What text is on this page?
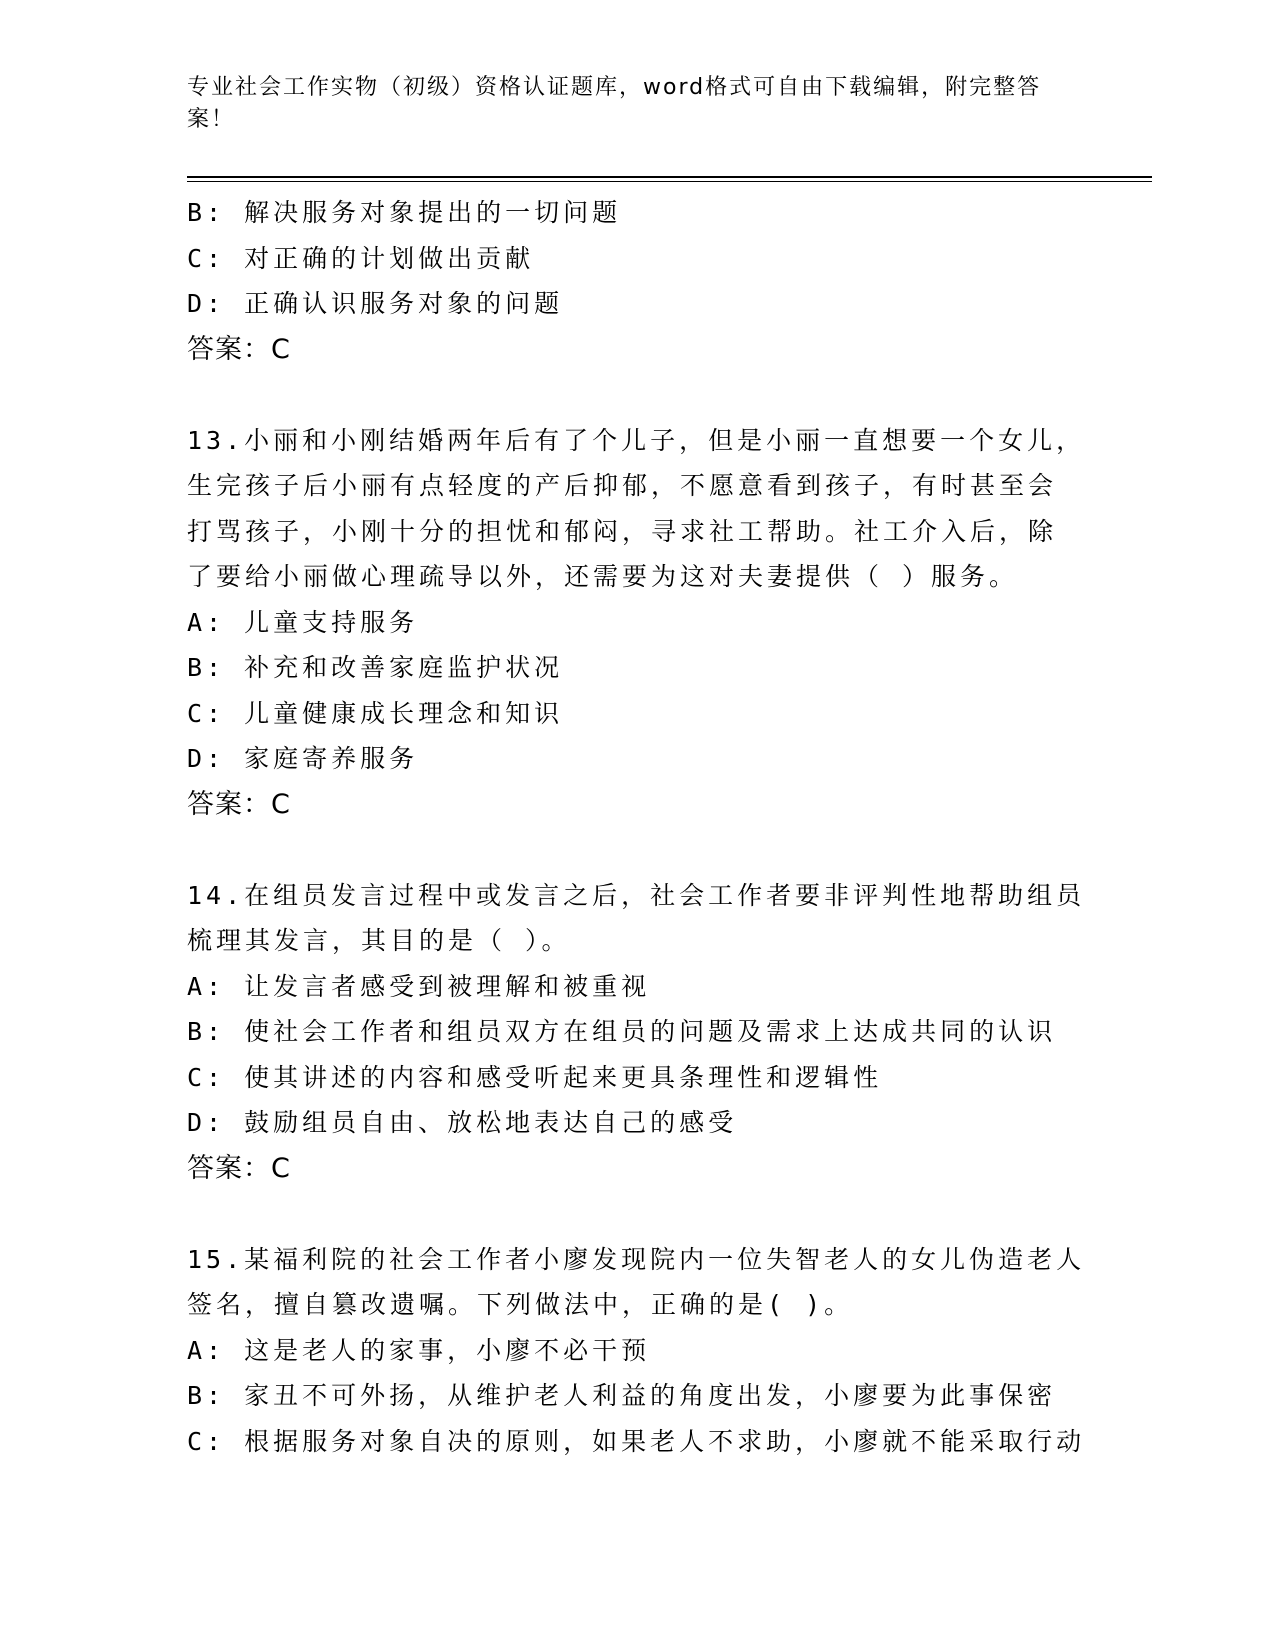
专业社会工作实物（初级）资格认证题库，word格式可自由下载编辑，附完整答
案！
B: 解决服务对象提出的一切问题
C: 对正确的计划做出贡献
D: 正确认识服务对象的问题
答案：C
13.小丽和小刚结婚两年后有了个儿子，但是小丽一直想要一个女儿，
生完孩子后小丽有点轻度的产后抑郁，不愿意看到孩子，有时甚至会
打骂孩子，小刚十分的担忧和郁闷，寻求社工帮助。社工介入后，除
了要给小丽做心理疏导以外，还需要为这对夫妻提供（ ）服务。
A: 儿童支持服务
B: 补充和改善家庭监护状况
C: 儿童健康成长理念和知识
D: 家庭寄养服务
答案：C
14.在组员发言过程中或发言之后，社会工作者要非评判性地帮助组员
梳理其发言，其目的是（ ）。
A: 让发言者感受到被理解和被重视
B: 使社会工作者和组员双方在组员的问题及需求上达成共同的认识
C: 使其讲述的内容和感受听起来更具条理性和逻辑性
D: 鼓励组员自由、放松地表达自己的感受
答案：C
15.某福利院的社会工作者小廖发现院内一位失智老人的女儿伪造老人
签名，擅自篡改遗嘱。下列做法中，正确的是( )。
A: 这是老人的家事，小廖不必干预
B: 家丑不可外扬，从维护老人利益的角度出发，小廖要为此事保密
C: 根据服务对象自决的原则，如果老人不求助，小廖就不能采取行动
